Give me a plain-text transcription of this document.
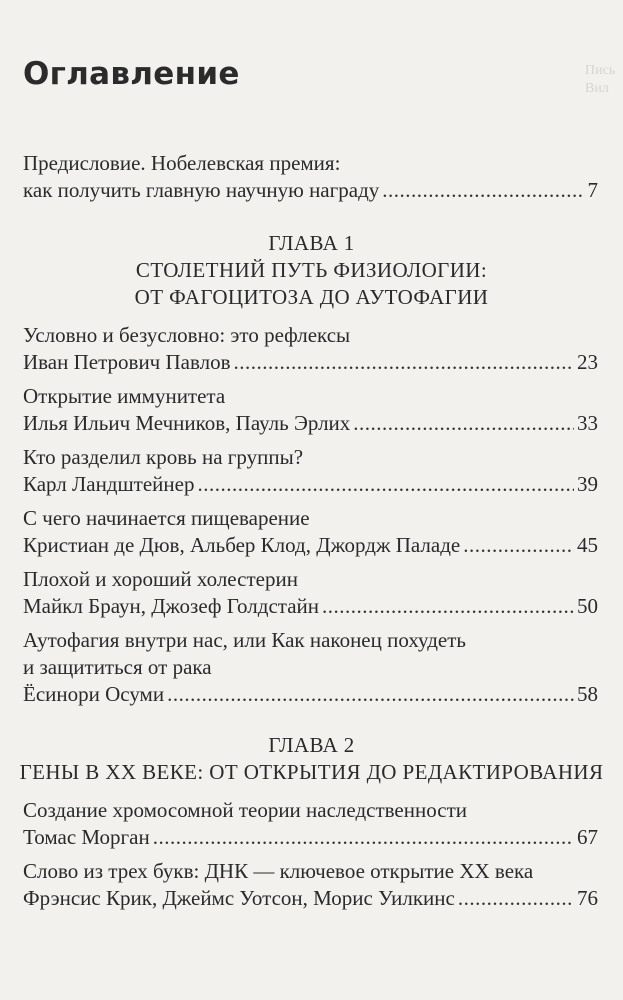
Пись
Вил
Оглавление
Предисловие. Нобелевская премия:
как получить главную научную награду .....	7
ГЛАВА 1
СТОЛЕТНИЙ ПУТЬ ФИЗИОЛОГИИ:
ОТ ФАГОЦИТОЗА ДО АУТОФАГИИ
Условно и безусловно: это рефлексы
Иван Петрович Павлов .....	23
Открытие иммунитета
Илья Ильич Мечников, Пауль Эрлих .....	33
Кто разделил кровь на группы?
Карл Ландштейнер .....	39
С чего начинается пищеварение
Кристиан де Дюв, Альбер Клод, Джордж Паладе .....	45
Плохой и хороший холестерин
Майкл Браун, Джозеф Голдстайн .....	50
Аутофагия внутри нас, или Как наконец похудеть
и защититься от рака
Ёсинори Осуми .....	58
ГЛАВА 2
ГЕНЫ В XX ВЕКЕ: ОТ ОТКРЫТИЯ ДО РЕДАКТИРОВАНИЯ
Создание хромосомной теории наследственности
Томас Морган .....	67
Слово из трех букв: ДНК — ключевое открытие XX века
Фрэнсис Крик, Джеймс Уотсон, Морис Уилкинс .....	76
